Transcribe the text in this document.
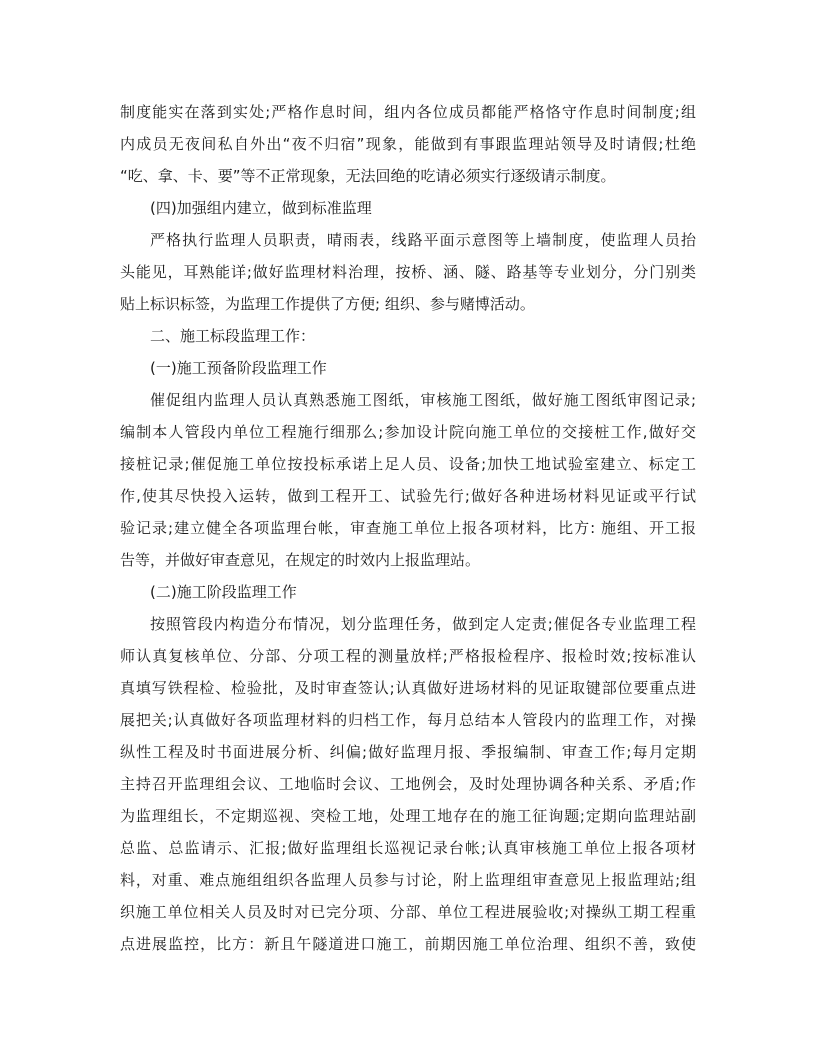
制度能实在落到实处;严格作息时间，组内各位成员都能严格恪守作息时间制度;组
内成员无夜间私自外出“夜不归宿”现象，能做到有事跟监理站领导及时请假;杜绝
“吃、拿、卡、要”等不正常现象，无法回绝的吃请必须实行逐级请示制度。
(四)加强组内建立，做到标准监理
严格执行监理人员职责，晴雨表，线路平面示意图等上墙制度，使监理人员抬
头能见，耳熟能详;做好监理材料治理，按桥、涵、隧、路基等专业划分，分门别类
贴上标识标签，为监理工作提供了方便; 组织、参与赌博活动。
二、施工标段监理工作：
(一)施工预备阶段监理工作
催促组内监理人员认真熟悉施工图纸，审核施工图纸，做好施工图纸审图记录;
编制本人管段内单位工程施行细那么;参加设计院向施工单位的交接桩工作,做好交
接桩记录;催促施工单位按投标承诺上足人员、设备;加快工地试验室建立、标定工
作,使其尽快投入运转，做到工程开工、试验先行;做好各种进场材料见证或平行试
验记录;建立健全各项监理台帐，审查施工单位上报各项材料，比方: 施组、开工报
告等，并做好审查意见，在规定的时效内上报监理站。
(二)施工阶段监理工作
按照管段内构造分布情况，划分监理任务，做到定人定责;催促各专业监理工程
师认真复核单位、分部、分项工程的测量放样;严格报检程序、报检时效;按标准认
真填写铁程检、检验批，及时审查签认;认真做好进场材料的见证取键部位要重点进
展把关;认真做好各项监理材料的归档工作，每月总结本人管段内的监理工作，对操
纵性工程及时书面进展分析、纠偏;做好监理月报、季报编制、审查工作;每月定期
主持召开监理组会议、工地临时会议、工地例会，及时处理协调各种关系、矛盾;作
为监理组长，不定期巡视、突检工地，处理工地存在的施工征询题;定期向监理站副
总监、总监请示、汇报;做好监理组长巡视记录台帐;认真审核施工单位上报各项材
料，对重、难点施组组织各监理人员参与讨论，附上监理组审查意见上报监理站;组
织施工单位相关人员及时对已完分项、分部、单位工程进展验收;对操纵工期工程重
点进展监控，比方：新且午隧道进口施工，前期因施工单位治理、组织不善，致使
